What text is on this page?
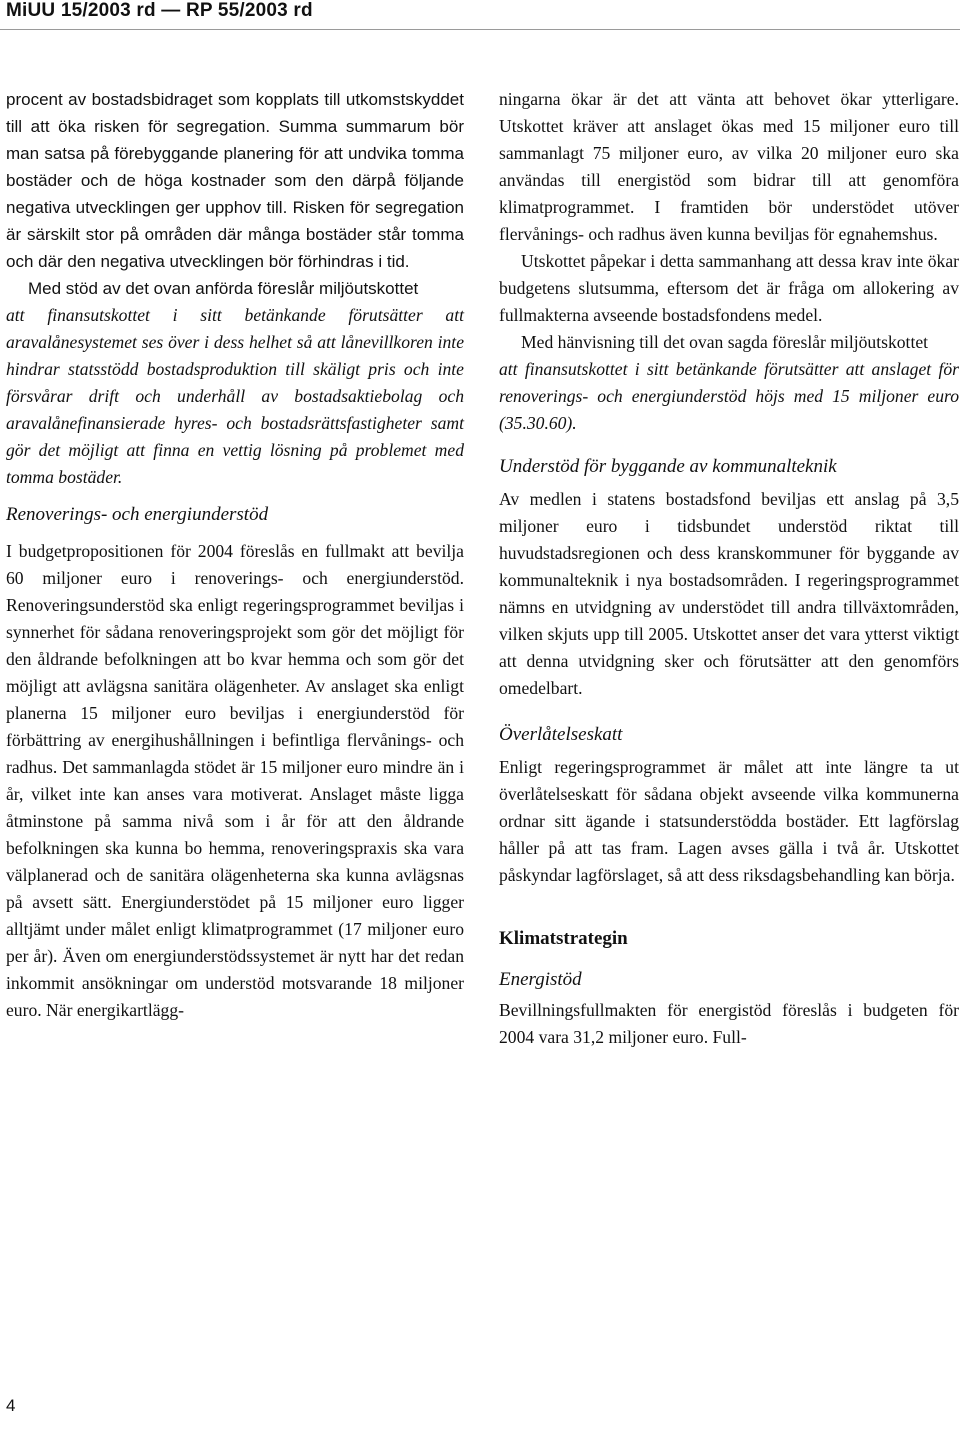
MiUU 15/2003 rd — RP 55/2003 rd

procent av bostadsbidraget som kopplats till utkomstskyddet till att öka risken för segregation. Summa summarum bör man satsa på förebyggande planering för att undvika tomma bostäder och de höga kostnader som den därpå följande negativa utvecklingen ger upphov till. Risken för segregation är särskilt stor på områden där många bostäder står tomma och där den negativa utvecklingen bör förhindras i tid.

Med stöd av det ovan anförda föreslår miljöutskottet

att finansutskottet i sitt betänkande förutsätter att aravalånesystemet ses över i dess helhet så att lånevillkoren inte hindrar statsstödd bostadsproduktion till skäligt pris och inte försvårar drift och underhåll av bostadsaktiebolag och aravalånefinansierade hyres- och bostadsrättsfastigheter samt gör det möjligt att finna en vettig lösning på problemet med tomma bostäder.

Renoverings- och energiunderstöd

I budgetpropositionen för 2004 föreslås en fullmakt att bevilja 60 miljoner euro i renoverings- och energiunderstöd. Renoveringsunderstöd ska enligt regeringsprogrammet beviljas i synnerhet för sådana renoveringsprojekt som gör det möjligt för den åldrande befolkningen att bo kvar hemma och som gör det möjligt att avlägsna sanitära olägenheter. Av anslaget ska enligt planerna 15 miljoner euro beviljas i energiunderstöd för förbättring av energihushållningen i befintliga flervånings- och radhus. Det sammanlagda stödet är 15 miljoner euro mindre än i år, vilket inte kan anses vara motiverat. Anslaget måste ligga åtminstone på samma nivå som i år för att den åldrande befolkningen ska kunna bo hemma, renoveringspraxis ska vara välplanerad och de sanitära olägenheterna ska kunna avlägsnas på avsett sätt. Energiunderstödet på 15 miljoner euro ligger alltjämt under målet enligt klimatprogrammet (17 miljoner euro per år). Även om energiunderstödssystemet är nytt har det redan inkommit ansökningar om understöd motsvarande 18 miljoner euro. När energikartlägg-

ningarna ökar är det att vänta att behovet ökar ytterligare. Utskottet kräver att anslaget ökas med 15 miljoner euro till sammanlagt 75 miljoner euro, av vilka 20 miljoner euro ska användas till energistöd som bidrar till att genomföra klimatprogrammet. I framtiden bör understödet utöver flervånings- och radhus även kunna beviljas för egnahemshus.

Utskottet påpekar i detta sammanhang att dessa krav inte ökar budgetens slutsumma, eftersom det är fråga om allokering av fullmakterna avseende bostadsfondens medel.

Med hänvisning till det ovan sagda föreslår miljöutskottet

att finansutskottet i sitt betänkande förutsätter att anslaget för renoverings- och energiunderstöd höjs med 15 miljoner euro (35.30.60).

Understöd för byggande av kommunalteknik

Av medlen i statens bostadsfond beviljas ett anslag på 3,5 miljoner euro i tidsbundet understöd riktat till huvudstadsregionen och dess kranskommuner för byggande av kommunalteknik i nya bostadsområden. I regeringsprogrammet nämns en utvidgning av understödet till andra tillväxtområden, vilken skjuts upp till 2005. Utskottet anser det vara ytterst viktigt att denna utvidgning sker och förutsätter att den genomförs omedelbart.

Överlåtelseskatt

Enligt regeringsprogrammet är målet att inte längre ta ut överlåtelseskatt för sådana objekt avseende vilka kommunerna ordnar sitt ägande i statsunderstödda bostäder. Ett lagförslag håller på att tas fram. Lagen avses gälla i två år. Utskottet påskyndar lagförslaget, så att dess riksdagsbehandling kan börja.

Klimatstrategin
Energistöd

Bevillningsfullmakten för energistöd föreslås i budgeten för 2004 vara 31,2 miljoner euro. Full-

4
